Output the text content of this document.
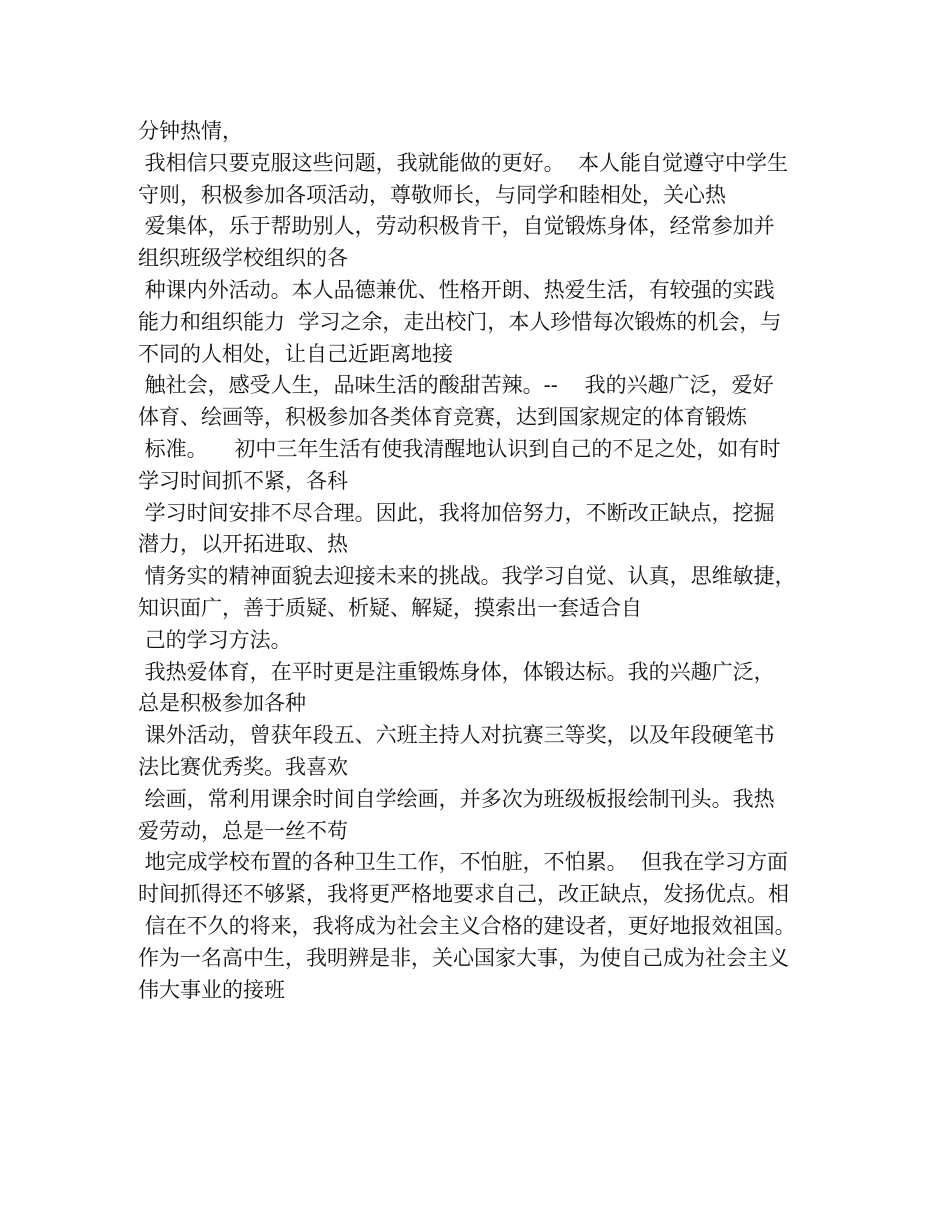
分钟热情，
我相信只要克服这些问题，我就能做的更好。  本人能自觉遵守中学生
守则，积极参加各项活动，尊敬师长，与同学和睦相处，关心热
爱集体，乐于帮助别人，劳动积极肯干，自觉锻炼身体，经常参加并
组织班级学校组织的各
种课内外活动。本人品德兼优、性格开朗、热爱生活，有较强的实践
能力和组织能力  学习之余，走出校门，本人珍惜每次锻炼的机会，与
不同的人相处，让自己近距离地接
触社会，感受人生，品味生活的酸甜苦辣。--    我的兴趣广泛，爱好
体育、绘画等，积极参加各类体育竞赛，达到国家规定的体育锻炼
标准。    初中三年生活有使我清醒地认识到自己的不足之处，如有时
学习时间抓不紧，各科
学习时间安排不尽合理。因此，我将加倍努力，不断改正缺点，挖掘
潜力，以开拓进取、热
情务实的精神面貌去迎接未来的挑战。我学习自觉、认真，思维敏捷，
知识面广，善于质疑、析疑、解疑，摸索出一套适合自
己的学习方法。
我热爱体育，在平时更是注重锻炼身体，体锻达标。我的兴趣广泛，
总是积极参加各种
课外活动，曾获年段五、六班主持人对抗赛三等奖，以及年段硬笔书
法比赛优秀奖。我喜欢
绘画，常利用课余时间自学绘画，并多次为班级板报绘制刊头。我热
爱劳动，总是一丝不苟
地完成学校布置的各种卫生工作，不怕脏，不怕累。  但我在学习方面
时间抓得还不够紧，我将更严格地要求自己，改正缺点，发扬优点。相
信在不久的将来，我将成为社会主义合格的建设者，更好地报效祖国。
作为一名高中生，我明辨是非，关心国家大事，为使自己成为社会主义
伟大事业的接班
